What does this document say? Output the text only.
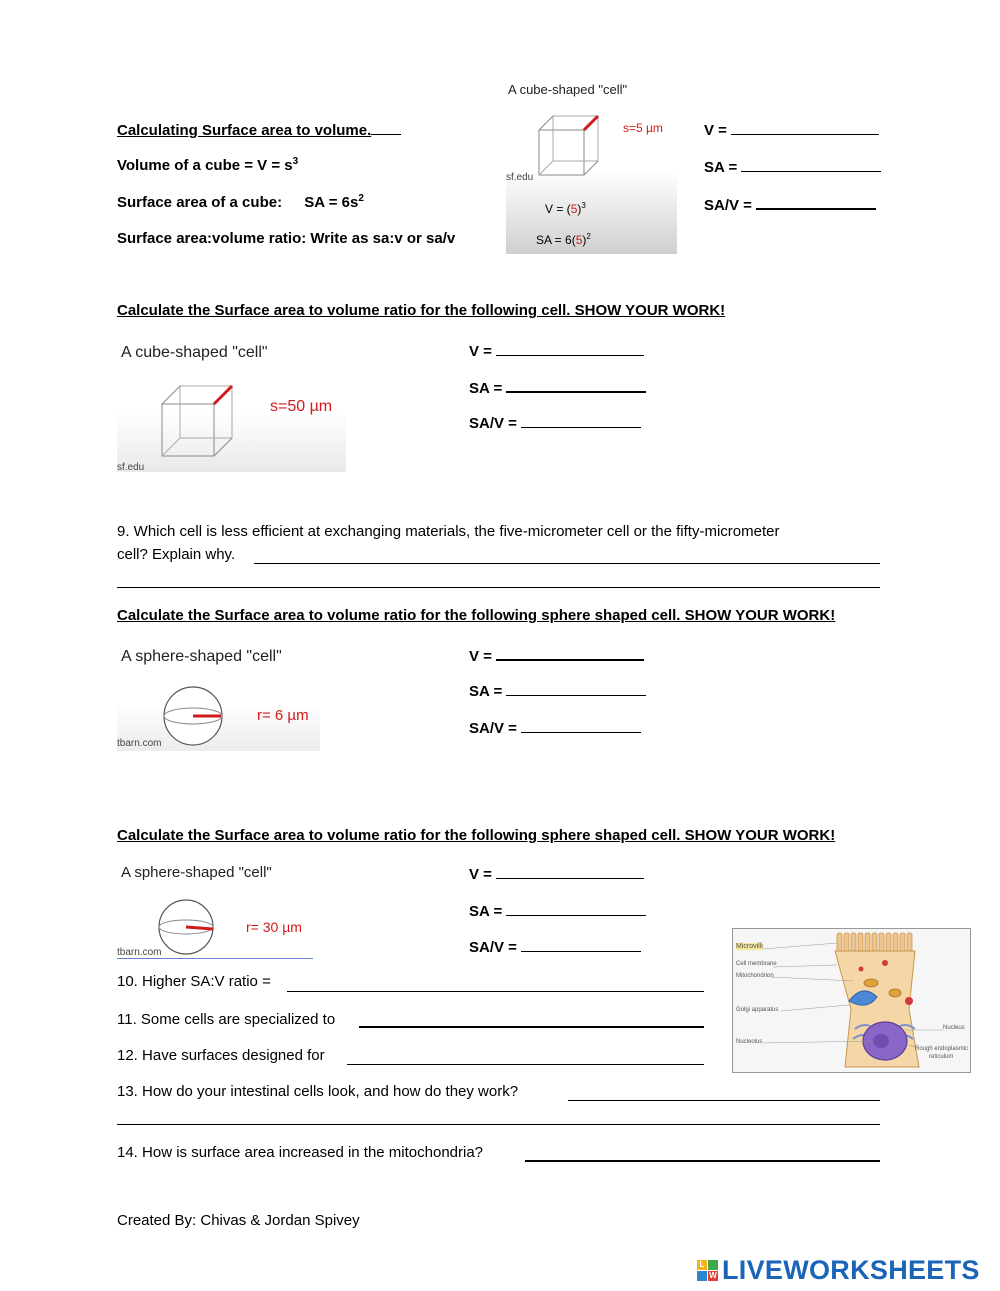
Calculating Surface area to volume.
Volume of a cube = $V = s^3$
Surface area of a cube: SA = $6s^2$
Surface area:volume ratio: Write as sa:v or sa/v
A cube-shaped "cell"
s=5 µm
sf.edu
$V = (5)^3$
SA = $6(5)^2$
V =
SA =
SA/V =
Calculate the Surface area to volume ratio for the following cell. SHOW YOUR WORK!
A cube-shaped "cell"
s=50 µm
sf.edu
V =
SA =
SA/V =
9. Which cell is less efficient at exchanging materials, the five-micrometer cell or the fifty-micrometer
cell? Explain why.
Calculate the Surface area to volume ratio for the following sphere shaped cell. SHOW YOUR WORK!
A sphere-shaped "cell"
r= 6 µm
tbarn.com
V =
SA =
SA/V =
Calculate the Surface area to volume ratio for the following sphere shaped cell. SHOW YOUR WORK!
A sphere-shaped "cell"
r= 30 µm
tbarn.com
V =
SA =
SA/V =	Microvilli
Cell membrane
Mitochondrion
Golgi apparatus
Nucleolus
Nucleus
Rough endoplasmic
reticulum
10. Higher SA:V ratio =
11. Some cells are specialized to
12. Have surfaces designed for
13. How do your intestinal cells look, and how do they work?
14. How is surface area increased in the mitochondria?
Created By: Chivas & Jordan Spivey
L
W LIVEWORKSHEETS
